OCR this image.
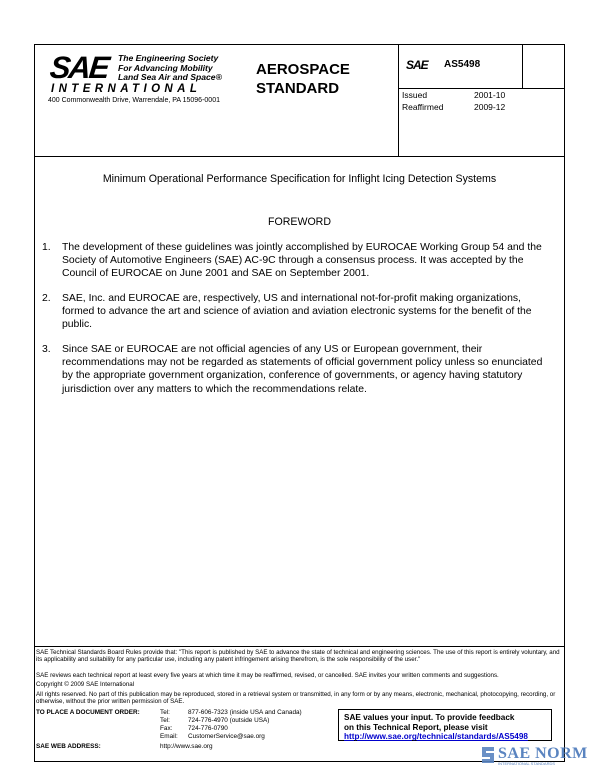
SAE The Engineering Society
For Advancing Mobility
Land Sea Air and Space®
INTERNATIONAL
400 Commonwealth Drive, Warrendale, PA 15096-0001
AEROSPACE
STANDARD
SAE AS5498
Issued	2001-10
Reaffirmed	2009-12
Minimum Operational Performance Specification for Inflight Icing Detection Systems
FOREWORD
1. The development of these guidelines was jointly accomplished by EUROCAE Working Group 54 and the Society of Automotive Engineers (SAE) AC-9C through a consensus process. It was accepted by the Council of EUROCAE on June 2001 and SAE on September 2001.
2. SAE, Inc. and EUROCAE are, respectively, US and international not-for-profit making organizations, formed to advance the art and science of aviation and aviation electronic systems for the benefit of the public.
3. Since SAE or EUROCAE are not official agencies of any US or European government, their recommendations may not be regarded as statements of official government policy unless so enunciated by the appropriate government organization, conference of governments, or agency having statutory jurisdiction over any matters to which the recommendations relate.
SAE Technical Standards Board Rules provide that: "This report is published by SAE to advance the state of technical and engineering sciences. The use of this report is entirely voluntary, and its applicability and suitability for any particular use, including any patent infringement arising therefrom, is the sole responsibility of the user."
SAE reviews each technical report at least every five years at which time it may be reaffirmed, revised, or cancelled. SAE invites your written comments and suggestions.
Copyright © 2009 SAE International
All rights reserved. No part of this publication may be reproduced, stored in a retrieval system or transmitted, in any form or by any means, electronic, mechanical, photocopying, recording, or otherwise, without the prior written permission of SAE.
TO PLACE A DOCUMENT ORDER:	Tel:	877-606-7323 (inside USA and Canada)
Tel:	724-776-4970 (outside USA)
Fax: 724-776-0790
Email: CustomerService@sae.org
SAE WEB ADDRESS:	http://www.sae.org
SAE values your input. To provide feedback
on this Technical Report, please visit
http://www.sae.org/technical/standards/AS5498
SAE NORM
INTERNATIONAL STANDARDS
